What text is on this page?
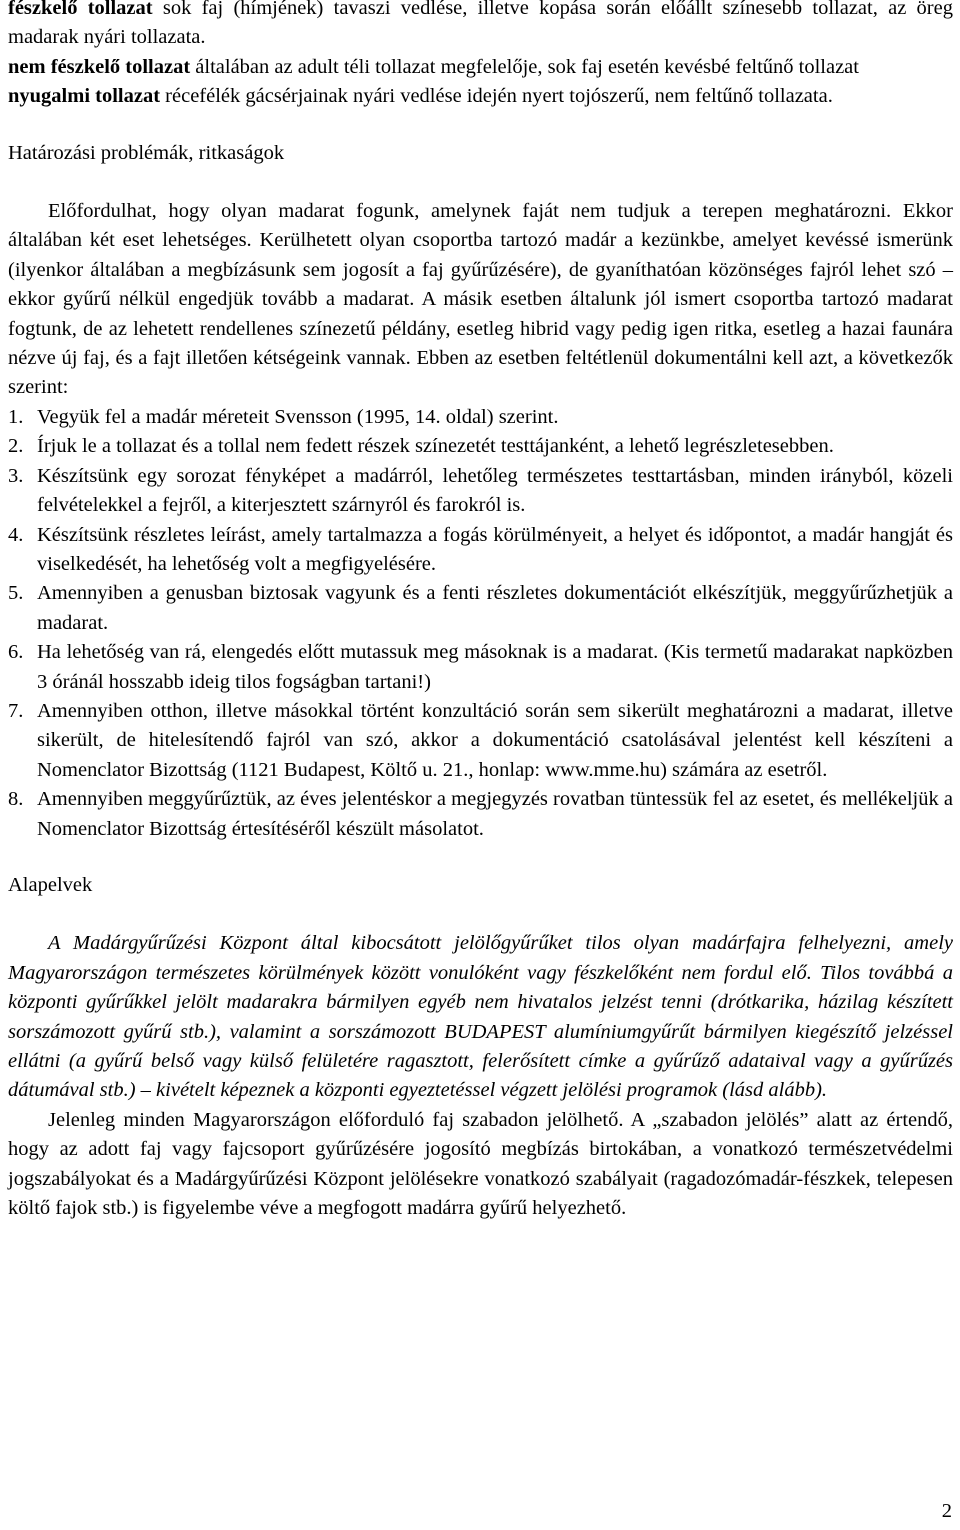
fészkelő tollazat sok faj (hímjének) tavaszi vedlése, illetve kopása során előállt színesebb tollazat, az öreg madarak nyári tollazata.

nem fészkelő tollazat általában az adult téli tollazat megfelelője, sok faj esetén kevésbé feltűnő tollazat

nyugalmi tollazat récefélék gácsérjainak nyári vedlése idején nyert tojószerű, nem feltűnő tollazata.

Határozási problémák, ritkaságok

Előfordulhat, hogy olyan madarat fogunk, amelynek faját nem tudjuk a terepen meghatározni. Ekkor általában két eset lehetséges. Kerülhetett olyan csoportba tartozó madár a kezünkbe, amelyet kevéssé ismerünk (ilyenkor általában a megbízásunk sem jogosít a faj gyűrűzésére), de gyaníthatóan közönséges fajról lehet szó – ekkor gyűrű nélkül engedjük tovább a madarat. A másik esetben általunk jól ismert csoportba tartozó madarat fogtunk, de az lehetett rendellenes színezetű példány, esetleg hibrid vagy pedig igen ritka, esetleg a hazai faunára nézve új faj, és a fajt illetően kétségeink vannak. Ebben az esetben feltétlenül dokumentálni kell azt, a következők szerint:

1. Vegyük fel a madár méreteit Svensson (1995, 14. oldal) szerint.
2. Írjuk le a tollazat és a tollal nem fedett részek színezetét testtájanként, a lehető legrészletesebben.
3. Készítsünk egy sorozat fényképet a madárról, lehetőleg természetes testtartásban, minden irányból, közeli felvételekkel a fejről, a kiterjesztett szárnyról és farokról is.
4. Készítsünk részletes leírást, amely tartalmazza a fogás körülményeit, a helyet és időpontot, a madár hangját és viselkedését, ha lehetőség volt a megfigyelésére.
5. Amennyiben a genusban biztosak vagyunk és a fenti részletes dokumentációt elkészítjük, meggyűrűzhetjük a madarat.
6. Ha lehetőség van rá, elengedés előtt mutassuk meg másoknak is a madarat. (Kis termetű madarakat napközben 3 óránál hosszabb ideig tilos fogságban tartani!)
7. Amennyiben otthon, illetve másokkal történt konzultáció során sem sikerült meghatározni a madarat, illetve sikerült, de hitelesítendő fajról van szó, akkor a dokumentáció csatolásával jelentést kell készíteni a Nomenclator Bizottság (1121 Budapest, Költő u. 21., honlap: www.mme.hu) számára az esetről.
8. Amennyiben meggyűrűztük, az éves jelentéskor a megjegyzés rovatban tüntessük fel az esetet, és mellékeljük a Nomenclator Bizottság értesítéséről készült másolatot.

Alapelvek

A Madárgyűrűzési Központ által kibocsátott jelölőgyűrűket tilos olyan madárfajra felhelyezni, amely Magyarországon természetes körülmények között vonulóként vagy fészkelőként nem fordul elő. Tilos továbbá a központi gyűrűkkel jelölt madarakra bármilyen egyéb nem hivatalos jelzést tenni (drótkarika, házilag készített sorszámozott gyűrű stb.), valamint a sorszámozott BUDAPEST alumíniumgyűrűt bármilyen kiegészítő jelzéssel ellátni (a gyűrű belső vagy külső felületére ragasztott, felerősített címke a gyűrűző adataival vagy a gyűrűzés dátumával stb.) – kivételt képeznek a központi egyeztetéssel végzett jelölési programok (lásd alább).

Jelenleg minden Magyarországon előforduló faj szabadon jelölhető. A „szabadon jelölés” alatt az értendő, hogy az adott faj vagy fajcsoport gyűrűzésére jogosító megbízás birtokában, a vonatkozó természetvédelmi jogszabályokat és a Madárgyűrűzési Központ jelölésekre vonatkozó szabályait (ragadozómadár-fészkek, telepesen költő fajok stb.) is figyelembe véve a megfogott madárra gyűrű helyezhető.

2
